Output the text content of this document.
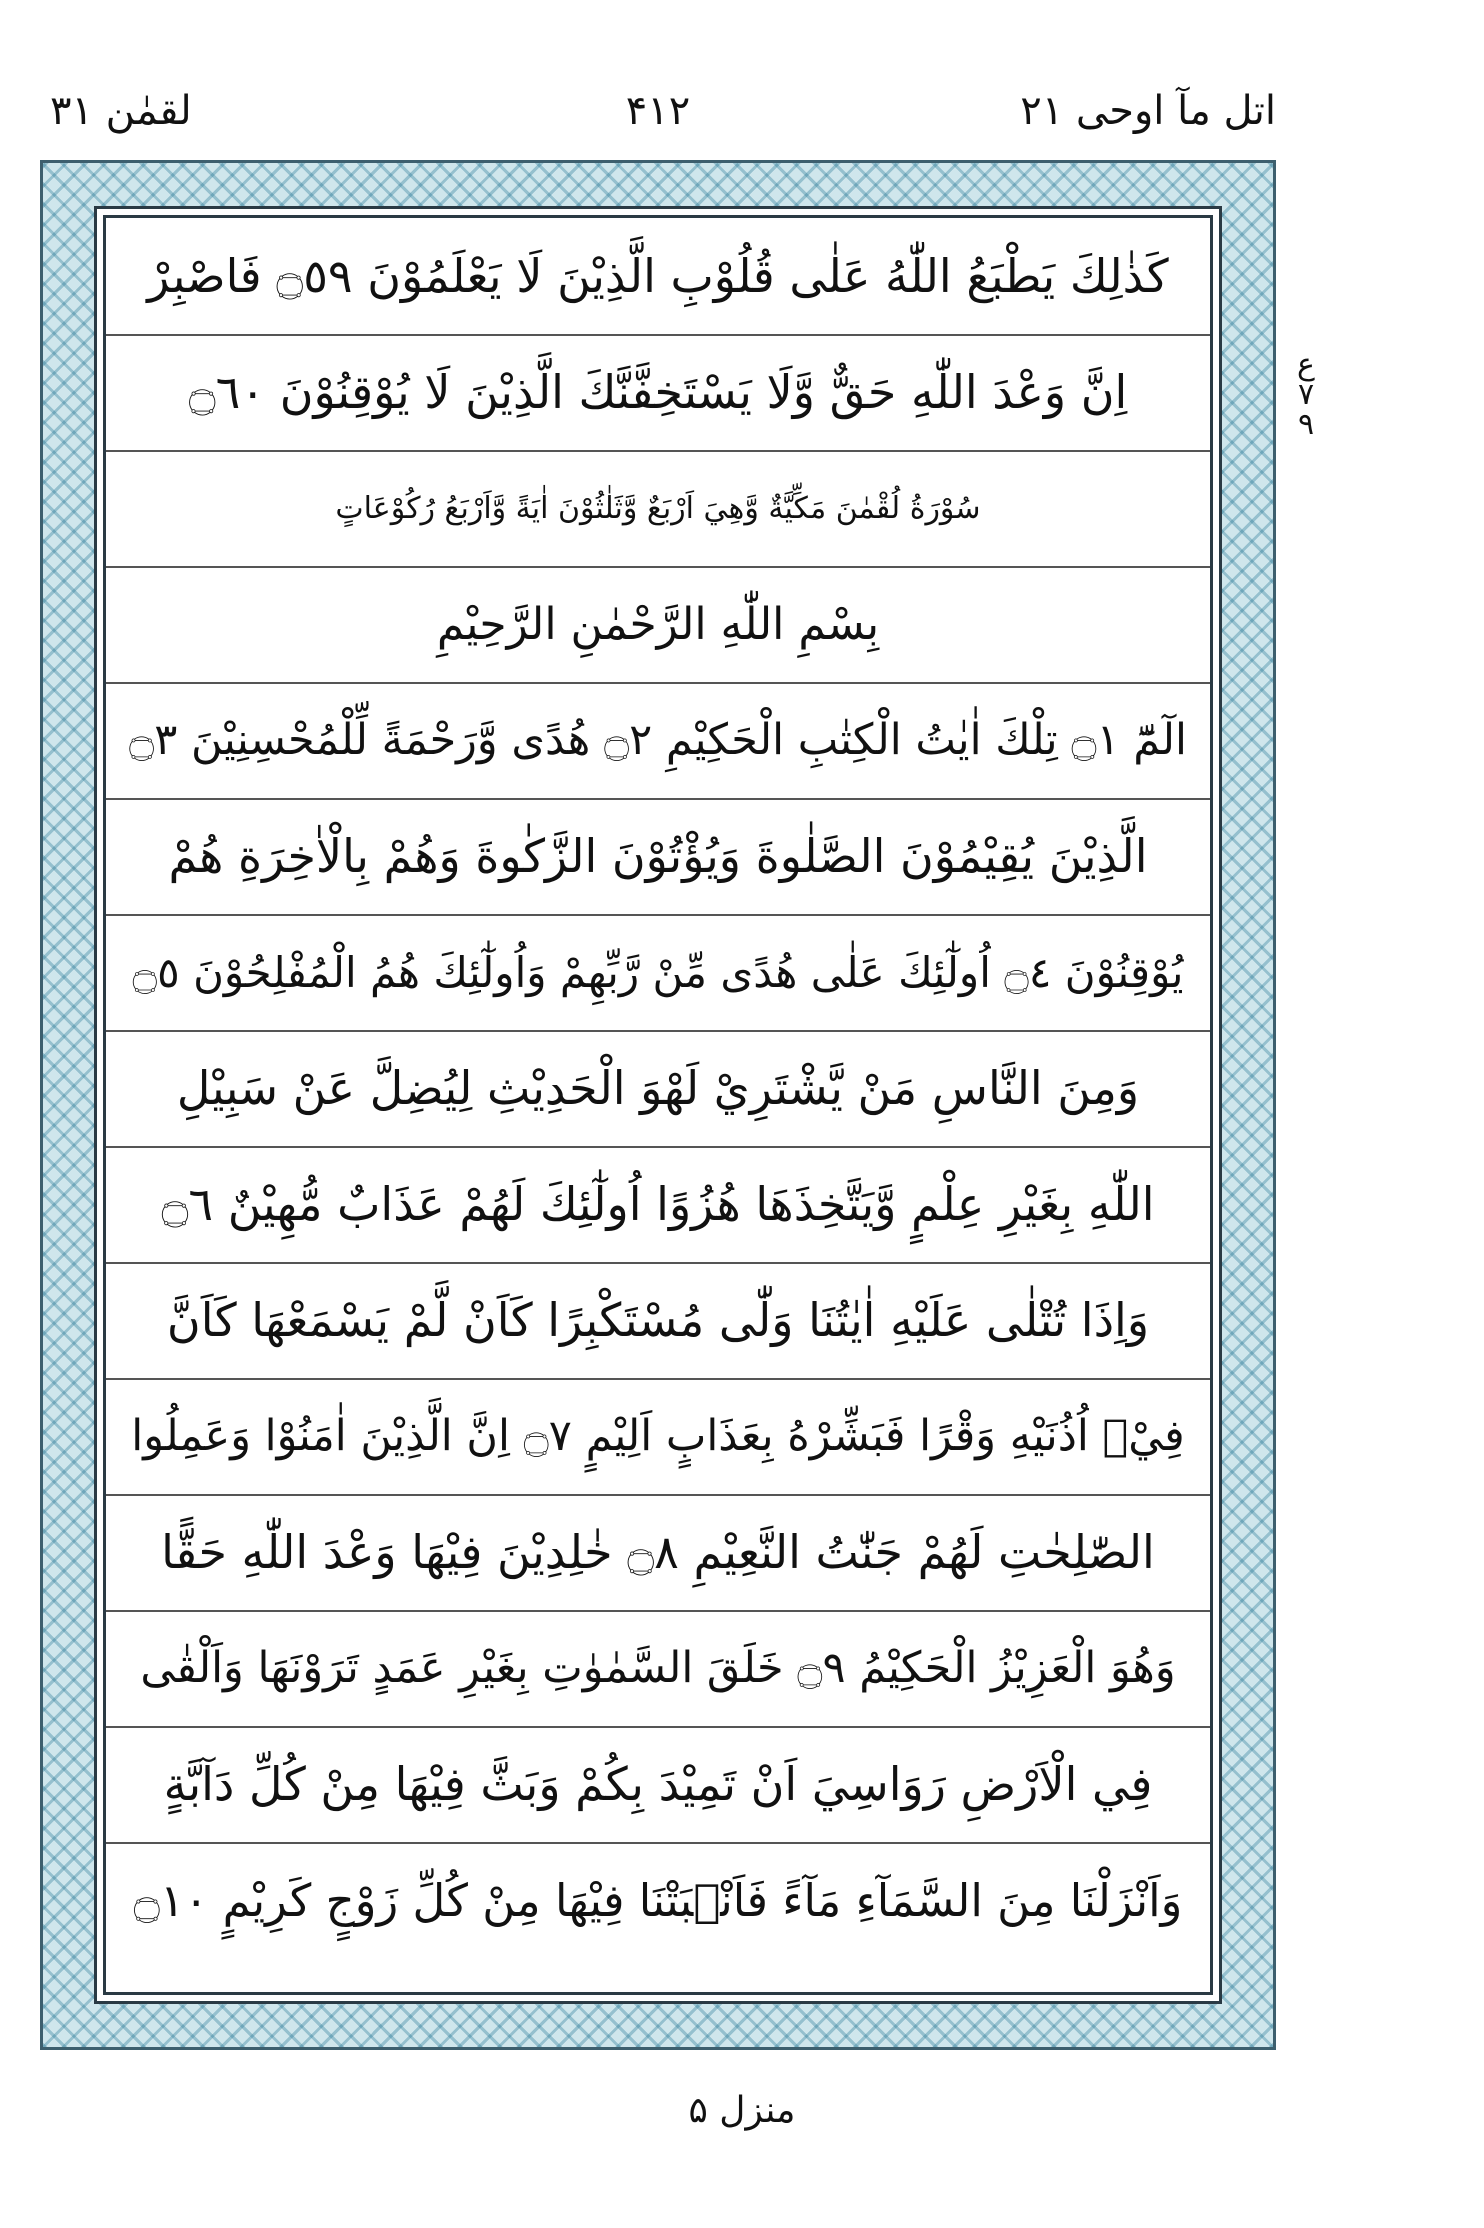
اتل مآ اوحی ۲۱
۴۱۲
لقمٰن ۳۱
ع ۷ ۹
كَذٰلِكَ يَطْبَعُ اللّٰهُ عَلٰى قُلُوْبِ الَّذِيْنَ لَا يَعْلَمُوْنَ ۝٥٩ فَاصْبِرْ
اِنَّ وَعْدَ اللّٰهِ حَقٌّ وَّلَا يَسْتَخِفَّنَّكَ الَّذِيْنَ لَا يُوْقِنُوْنَ ۝٦٠
سُوْرَةُ لُقْمٰنَ مَكِّيَّةٌ وَّهِيَ اَرْبَعٌ وَّثَلٰثُوْنَ اٰيَةً وَّاَرْبَعُ رُكُوْعَاتٍ
بِسْمِ اللّٰهِ الرَّحْمٰنِ الرَّحِيْمِ
الٓمّٓ ۝١ تِلْكَ اٰيٰتُ الْكِتٰبِ الْحَكِيْمِ ۝٢ هُدًى وَّرَحْمَةً لِّلْمُحْسِنِيْنَ ۝٣
الَّذِيْنَ يُقِيْمُوْنَ الصَّلٰوةَ وَيُؤْتُوْنَ الزَّكٰوةَ وَهُمْ بِالْاٰخِرَةِ هُمْ
يُوْقِنُوْنَ ۝٤ اُولٰٓئِكَ عَلٰى هُدًى مِّنْ رَّبِّهِمْ وَاُولٰٓئِكَ هُمُ الْمُفْلِحُوْنَ ۝٥
وَمِنَ النَّاسِ مَنْ يَّشْتَرِيْ لَهْوَ الْحَدِيْثِ لِيُضِلَّ عَنْ سَبِيْلِ
اللّٰهِ بِغَيْرِ عِلْمٍ وَّيَتَّخِذَهَا هُزُوًا اُولٰٓئِكَ لَهُمْ عَذَابٌ مُّهِيْنٌ ۝٦
وَاِذَا تُتْلٰى عَلَيْهِ اٰيٰتُنَا وَلّٰى مُسْتَكْبِرًا كَاَنْ لَّمْ يَسْمَعْهَا كَاَنَّ
فِيْۤ اُذُنَيْهِ وَقْرًا فَبَشِّرْهُ بِعَذَابٍ اَلِيْمٍ ۝٧ اِنَّ الَّذِيْنَ اٰمَنُوْا وَعَمِلُوا
الصّٰلِحٰتِ لَهُمْ جَنّٰتُ النَّعِيْمِ ۝٨ خٰلِدِيْنَ فِيْهَا وَعْدَ اللّٰهِ حَقًّا
وَهُوَ الْعَزِيْزُ الْحَكِيْمُ ۝٩ خَلَقَ السَّمٰوٰتِ بِغَيْرِ عَمَدٍ تَرَوْنَهَا وَاَلْقٰى
فِي الْاَرْضِ رَوَاسِيَ اَنْ تَمِيْدَ بِكُمْ وَبَثَّ فِيْهَا مِنْ كُلِّ دَآبَّةٍ
وَاَنْزَلْنَا مِنَ السَّمَآءِ مَآءً فَاَنْۢبَتْنَا فِيْهَا مِنْ كُلِّ زَوْجٍ كَرِيْمٍ ۝١٠
منزل ۵
